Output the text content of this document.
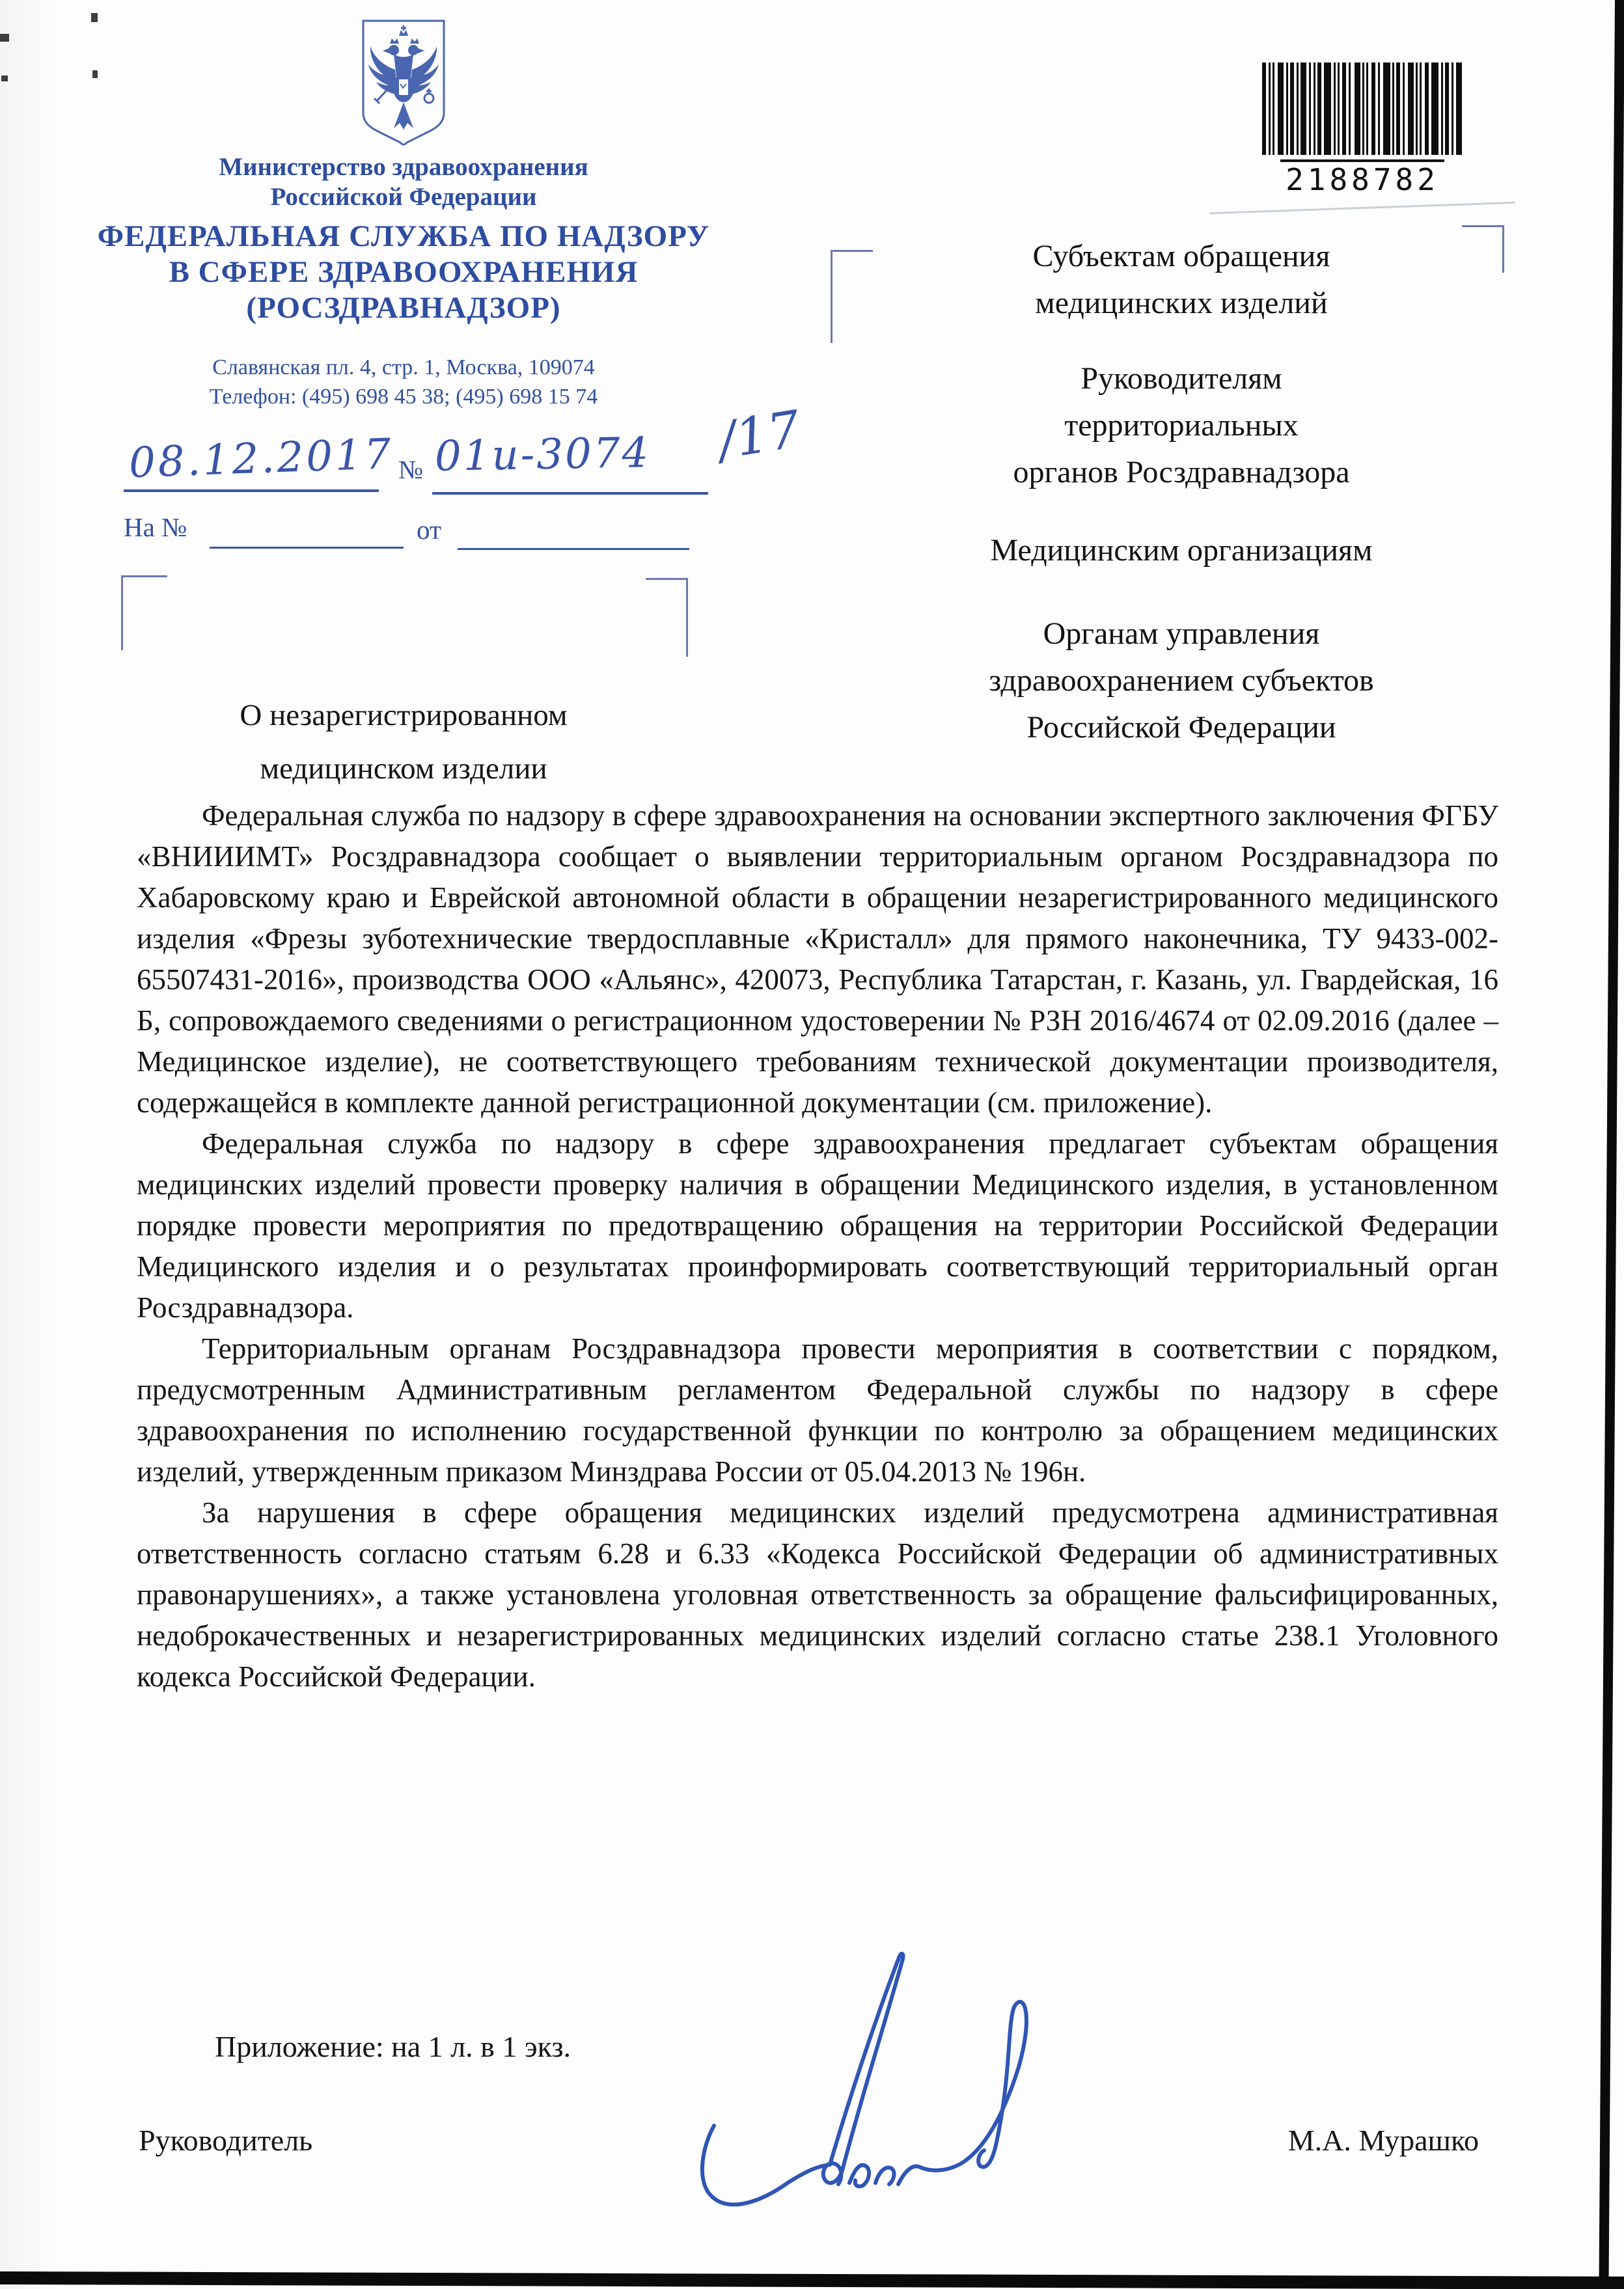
Министерство здравоохранения
Российской Федерации
ФЕДЕРАЛЬНАЯ СЛУЖБА ПО НАДЗОРУ
В СФЕРЕ ЗДРАВООХРАНЕНИЯ
(РОСЗДРАВНАДЗОР)
Славянская пл. 4, стр. 1, Москва, 109074
Телефон: (495) 698 45 38; (495) 698 15 74
08.12.2017 № 01и-3074 /17
На №	от
О незарегистрированном
медицинском изделии
2188782
Субъектам обращения
медицинских изделий
Руководителям
территориальных
органов Росздравнадзора
Медицинским организациям
Органам управления
здравоохранением субъектов
Российской Федерации

Федеральная служба по надзору в сфере здравоохранения на основании экспертного заключения ФГБУ «ВНИИИМТ» Росздравнадзора сообщает о выявлении территориальным органом Росздравнадзора по Хабаровскому краю и Еврейской автономной области в обращении незарегистрированного медицинского изделия «Фрезы зуботехнические твердосплавные «Кристалл» для прямого наконечника, ТУ 9433-002-65507431-2016», производства ООО «Альянс», 420073, Республика Татарстан, г. Казань, ул. Гвардейская, 16 Б, сопровождаемого сведениями о регистрационном удостоверении № РЗН 2016/4674 от 02.09.2016 (далее – Медицинское изделие), не соответствующего требованиям технической документации производителя, содержащейся в комплекте данной регистрационной документации (см. приложение).

Федеральная служба по надзору в сфере здравоохранения предлагает субъектам обращения медицинских изделий провести проверку наличия в обращении Медицинского изделия, в установленном порядке провести мероприятия по предотвращению обращения на территории Российской Федерации Медицинского изделия и о результатах проинформировать соответствующий территориальный орган Росздравнадзора.

Территориальным органам Росздравнадзора провести мероприятия в соответствии с порядком, предусмотренным Административным регламентом Федеральной службы по надзору в сфере здравоохранения по исполнению государственной функции по контролю за обращением медицинских изделий, утвержденным приказом Минздрава России от 05.04.2013 № 196н.

За нарушения в сфере обращения медицинских изделий предусмотрена административная ответственность согласно статьям 6.28 и 6.33 «Кодекса Российской Федерации об административных правонарушениях», а также установлена уголовная ответственность за обращение фальсифицированных, недоброкачественных и незарегистрированных медицинских изделий согласно статье 238.1 Уголовного кодекса Российской Федерации.

Приложение: на 1 л. в 1 экз.
Руководитель	М.А. Мурашко
